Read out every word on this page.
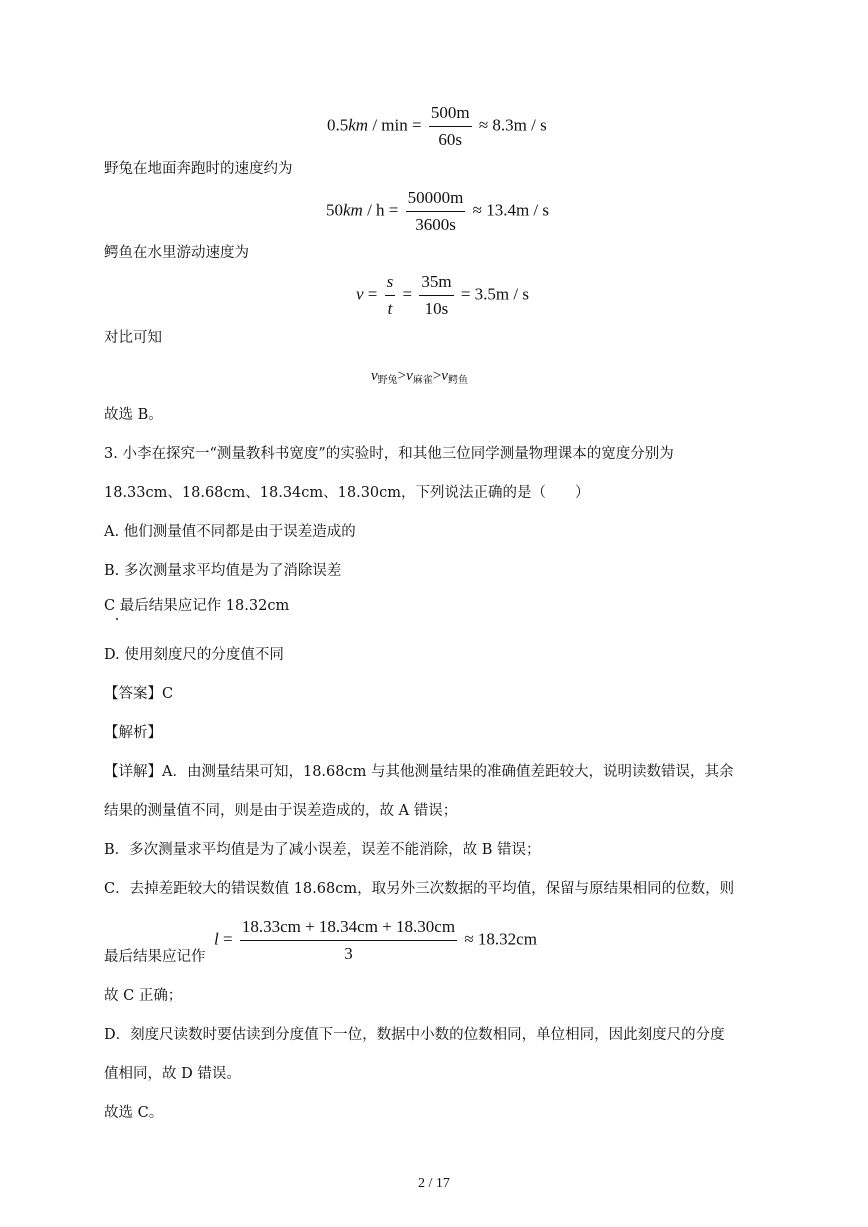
$0.5km / \min = \frac{500m}{60s} \approx 8.3m / s$
野兔在地面奔跑时的速度约为
$50km / h = \frac{50000m}{3600s} \approx 13.4m / s$
鳄鱼在水里游动速度为
$v = \frac{s}{t} = \frac{35m}{10s} = 3.5m / s$
对比可知
$v_{野兔}>v_{麻雀}>v_{鳄鱼}$
故选 B。
3. 小李在探究一“测量教科书宽度”的实验时，和其他三位同学测量物理课本的宽度分别为
18.33cm、18.68cm、18.34cm、18.30cm，下列说法正确的是（　　）
A. 他们测量值不同都是由于误差造成的
B. 多次测量求平均值是为了消除误差
C 最后结果应记作 18.32cm
D. 使用刻度尺的分度值不同
【答案】C
【解析】
【详解】A．由测量结果可知，18.68cm 与其他测量结果的准确值差距较大，说明读数错误，其余
结果的测量值不同，则是由于误差造成的，故 A 错误；
B．多次测量求平均值是为了减小误差，误差不能消除，故 B 错误；
C．去掉差距较大的错误数值 18.68cm，取另外三次数据的平均值，保留与原结果相同的位数，则
最后结果应记作
$l = \frac{18.33cm + 18.34cm + 18.30cm}{3} \approx 18.32cm$
故 C 正确；
D．刻度尺读数时要估读到分度值下一位，数据中小数的位数相同，单位相同，因此刻度尺的分度
值相同，故 D 错误。
故选 C。
2 / 17
